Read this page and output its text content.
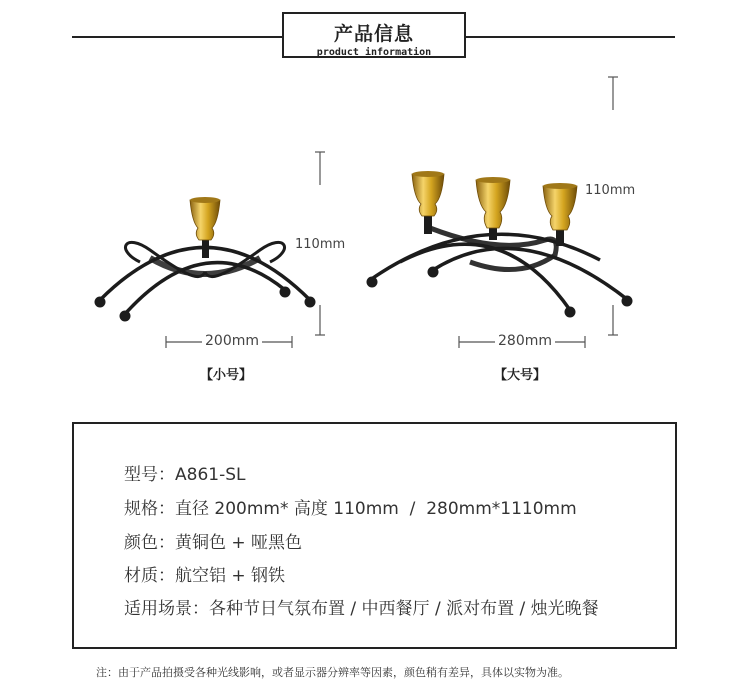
产品信息
product information
110mm
200mm
【小号】
110mm
280mm
【大号】
型号：A861-SL
规格：直径 200mm* 高度 110mm  /  280mm*1110mm
颜色：黄铜色 + 哑黑色
材质：航空铝 + 钢铁
适用场景：各种节日气氛布置 / 中西餐厅 / 派对布置 / 烛光晚餐
注：由于产品拍摄受各种光线影响，或者显示器分辨率等因素，颜色稍有差异，具体以实物为准。
